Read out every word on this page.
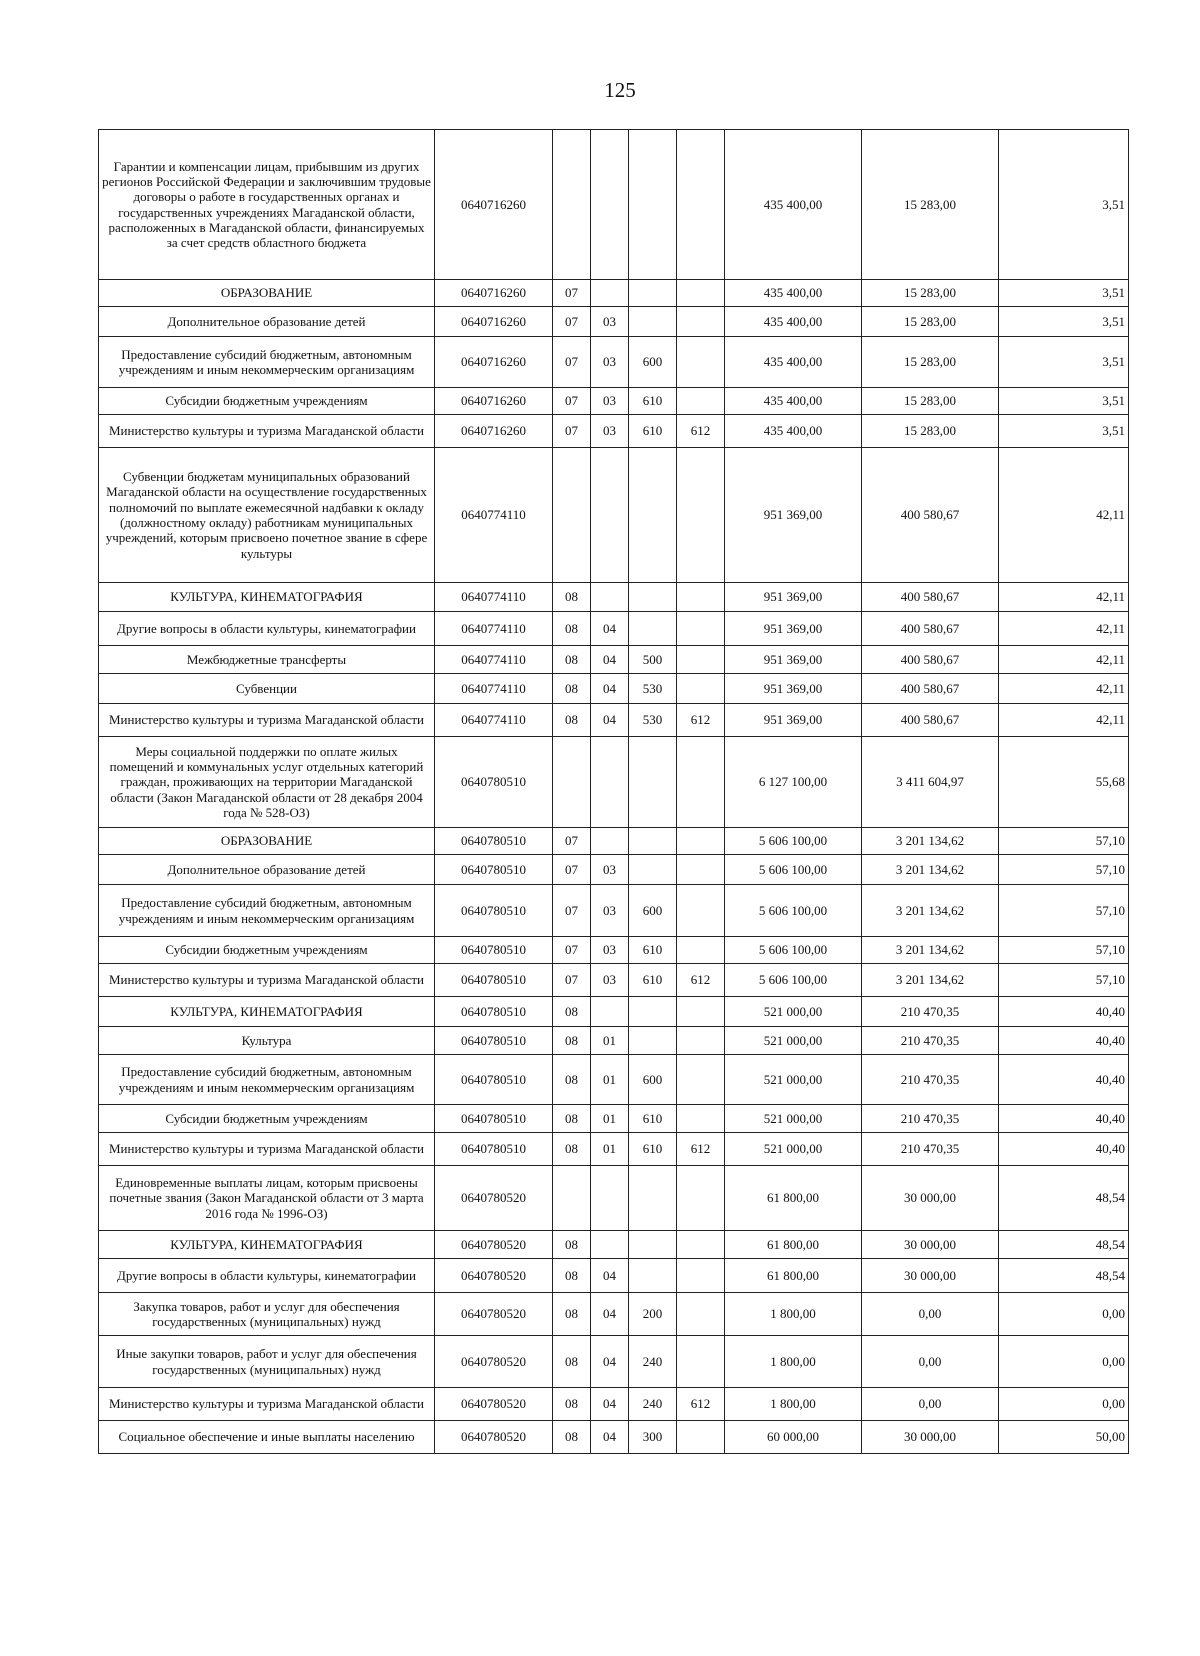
125
Гарантии и компенсации лицам, прибывшим из других регионов Российской Федерации и заключившим трудовые договоры о работе в государственных органах и государственных учреждениях Магаданской области, расположенных в Магаданской области, финансируемых за счет средств областного бюджета	0640716260					435 400,00	15 283,00	3,51
ОБРАЗОВАНИЕ	0640716260	07				435 400,00	15 283,00	3,51
Дополнительное образование детей	0640716260	07	03			435 400,00	15 283,00	3,51
Предоставление субсидий бюджетным, автономным учреждениям и иным некоммерческим организациям	0640716260	07	03	600		435 400,00	15 283,00	3,51
Субсидии бюджетным учреждениям	0640716260	07	03	610		435 400,00	15 283,00	3,51
Министерство культуры и туризма Магаданской области	0640716260	07	03	610	612	435 400,00	15 283,00	3,51
Субвенции бюджетам муниципальных образований Магаданской области на осуществление государственных полномочий по выплате ежемесячной надбавки к окладу (должностному окладу) работникам муниципальных учреждений, которым присвоено почетное звание в сфере культуры	0640774110					951 369,00	400 580,67	42,11
КУЛЬТУРА, КИНЕМАТОГРАФИЯ	0640774110	08				951 369,00	400 580,67	42,11
Другие вопросы в области культуры, кинематографии	0640774110	08	04			951 369,00	400 580,67	42,11
Межбюджетные трансферты	0640774110	08	04	500		951 369,00	400 580,67	42,11
Субвенции	0640774110	08	04	530		951 369,00	400 580,67	42,11
Министерство культуры и туризма Магаданской области	0640774110	08	04	530	612	951 369,00	400 580,67	42,11
Меры социальной поддержки по оплате жилых помещений и коммунальных услуг отдельных категорий граждан, проживающих на территории Магаданской области (Закон Магаданской области от 28 декабря 2004 года № 528-ОЗ)	0640780510					6 127 100,00	3 411 604,97	55,68
ОБРАЗОВАНИЕ	0640780510	07				5 606 100,00	3 201 134,62	57,10
Дополнительное образование детей	0640780510	07	03			5 606 100,00	3 201 134,62	57,10
Предоставление субсидий бюджетным, автономным учреждениям и иным некоммерческим организациям	0640780510	07	03	600		5 606 100,00	3 201 134,62	57,10
Субсидии бюджетным учреждениям	0640780510	07	03	610		5 606 100,00	3 201 134,62	57,10
Министерство культуры и туризма Магаданской области	0640780510	07	03	610	612	5 606 100,00	3 201 134,62	57,10
КУЛЬТУРА, КИНЕМАТОГРАФИЯ	0640780510	08				521 000,00	210 470,35	40,40
Культура	0640780510	08	01			521 000,00	210 470,35	40,40
Предоставление субсидий бюджетным, автономным учреждениям и иным некоммерческим организациям	0640780510	08	01	600		521 000,00	210 470,35	40,40
Субсидии бюджетным учреждениям	0640780510	08	01	610		521 000,00	210 470,35	40,40
Министерство культуры и туризма Магаданской области	0640780510	08	01	610	612	521 000,00	210 470,35	40,40
Единовременные выплаты лицам, которым присвоены почетные звания (Закон Магаданской области от 3 марта 2016 года № 1996-ОЗ)	0640780520					61 800,00	30 000,00	48,54
КУЛЬТУРА, КИНЕМАТОГРАФИЯ	0640780520	08				61 800,00	30 000,00	48,54
Другие вопросы в области культуры, кинематографии	0640780520	08	04			61 800,00	30 000,00	48,54
Закупка товаров, работ и услуг для обеспечения государственных (муниципальных) нужд	0640780520	08	04	200		1 800,00	0,00	0,00
Иные закупки товаров, работ и услуг для обеспечения государственных (муниципальных) нужд	0640780520	08	04	240		1 800,00	0,00	0,00
Министерство культуры и туризма Магаданской области	0640780520	08	04	240	612	1 800,00	0,00	0,00
Социальное обеспечение и иные выплаты населению	0640780520	08	04	300		60 000,00	30 000,00	50,00
